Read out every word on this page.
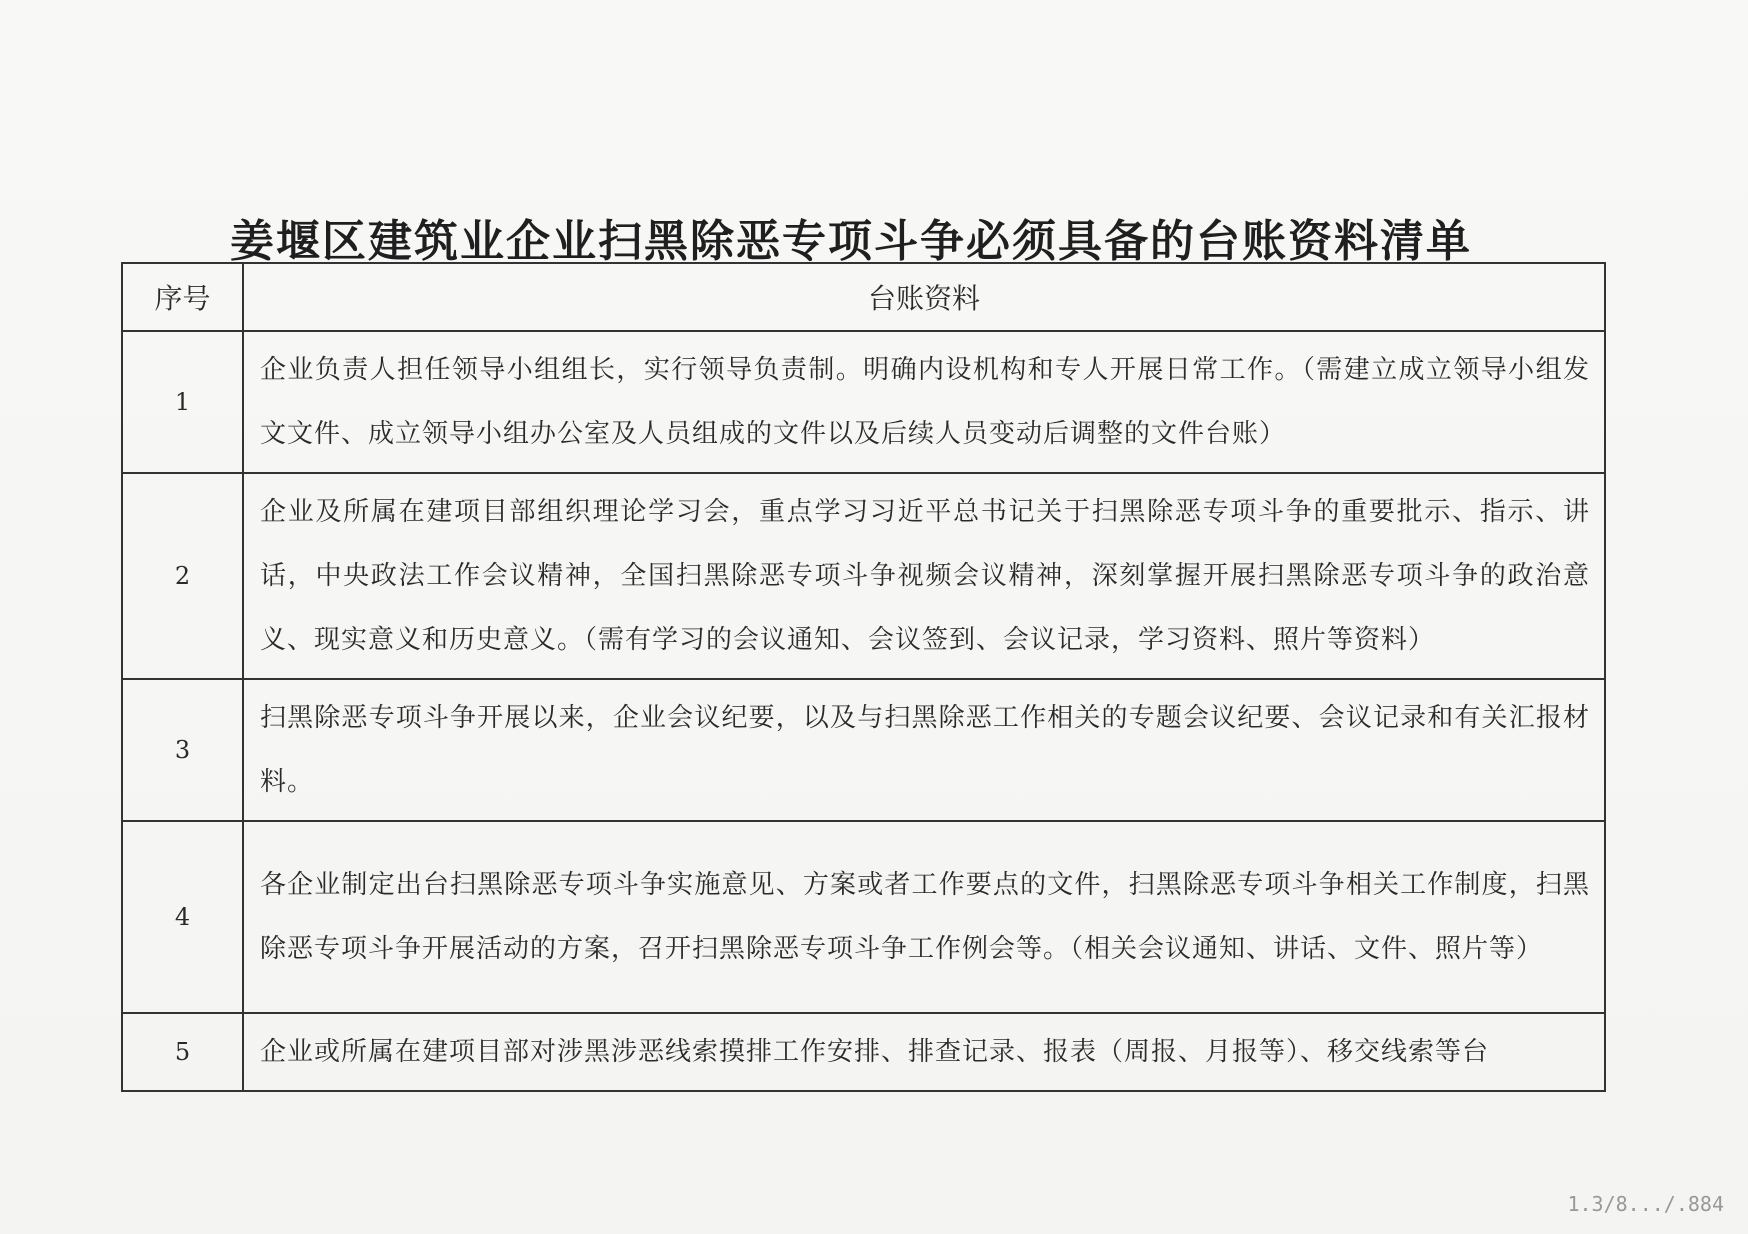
姜堰区建筑业企业扫黑除恶专项斗争必须具备的台账资料清单
序号	台账资料
1	企业负责人担任领导小组组长，实行领导负责制。明确内设机构和专人开展日常工作。（需建立成立领导小组发文文件、成立领导小组办公室及人员组成的文件以及后续人员变动后调整的文件台账）
2	企业及所属在建项目部组织理论学习会，重点学习习近平总书记关于扫黑除恶专项斗争的重要批示、指示、讲话，中央政法工作会议精神，全国扫黑除恶专项斗争视频会议精神，深刻掌握开展扫黑除恶专项斗争的政治意义、现实意义和历史意义。（需有学习的会议通知、会议签到、会议记录，学习资料、照片等资料）
3	扫黑除恶专项斗争开展以来，企业会议纪要，以及与扫黑除恶工作相关的专题会议纪要、会议记录和有关汇报材料。
4	各企业制定出台扫黑除恶专项斗争实施意见、方案或者工作要点的文件，扫黑除恶专项斗争相关工作制度，扫黑除恶专项斗争开展活动的方案，召开扫黑除恶专项斗争工作例会等。（相关会议通知、讲话、文件、照片等）
5	企业或所属在建项目部对涉黑涉恶线索摸排工作安排、排查记录、报表（周报、月报等）、移交线索等台
1.3/8.../.884
